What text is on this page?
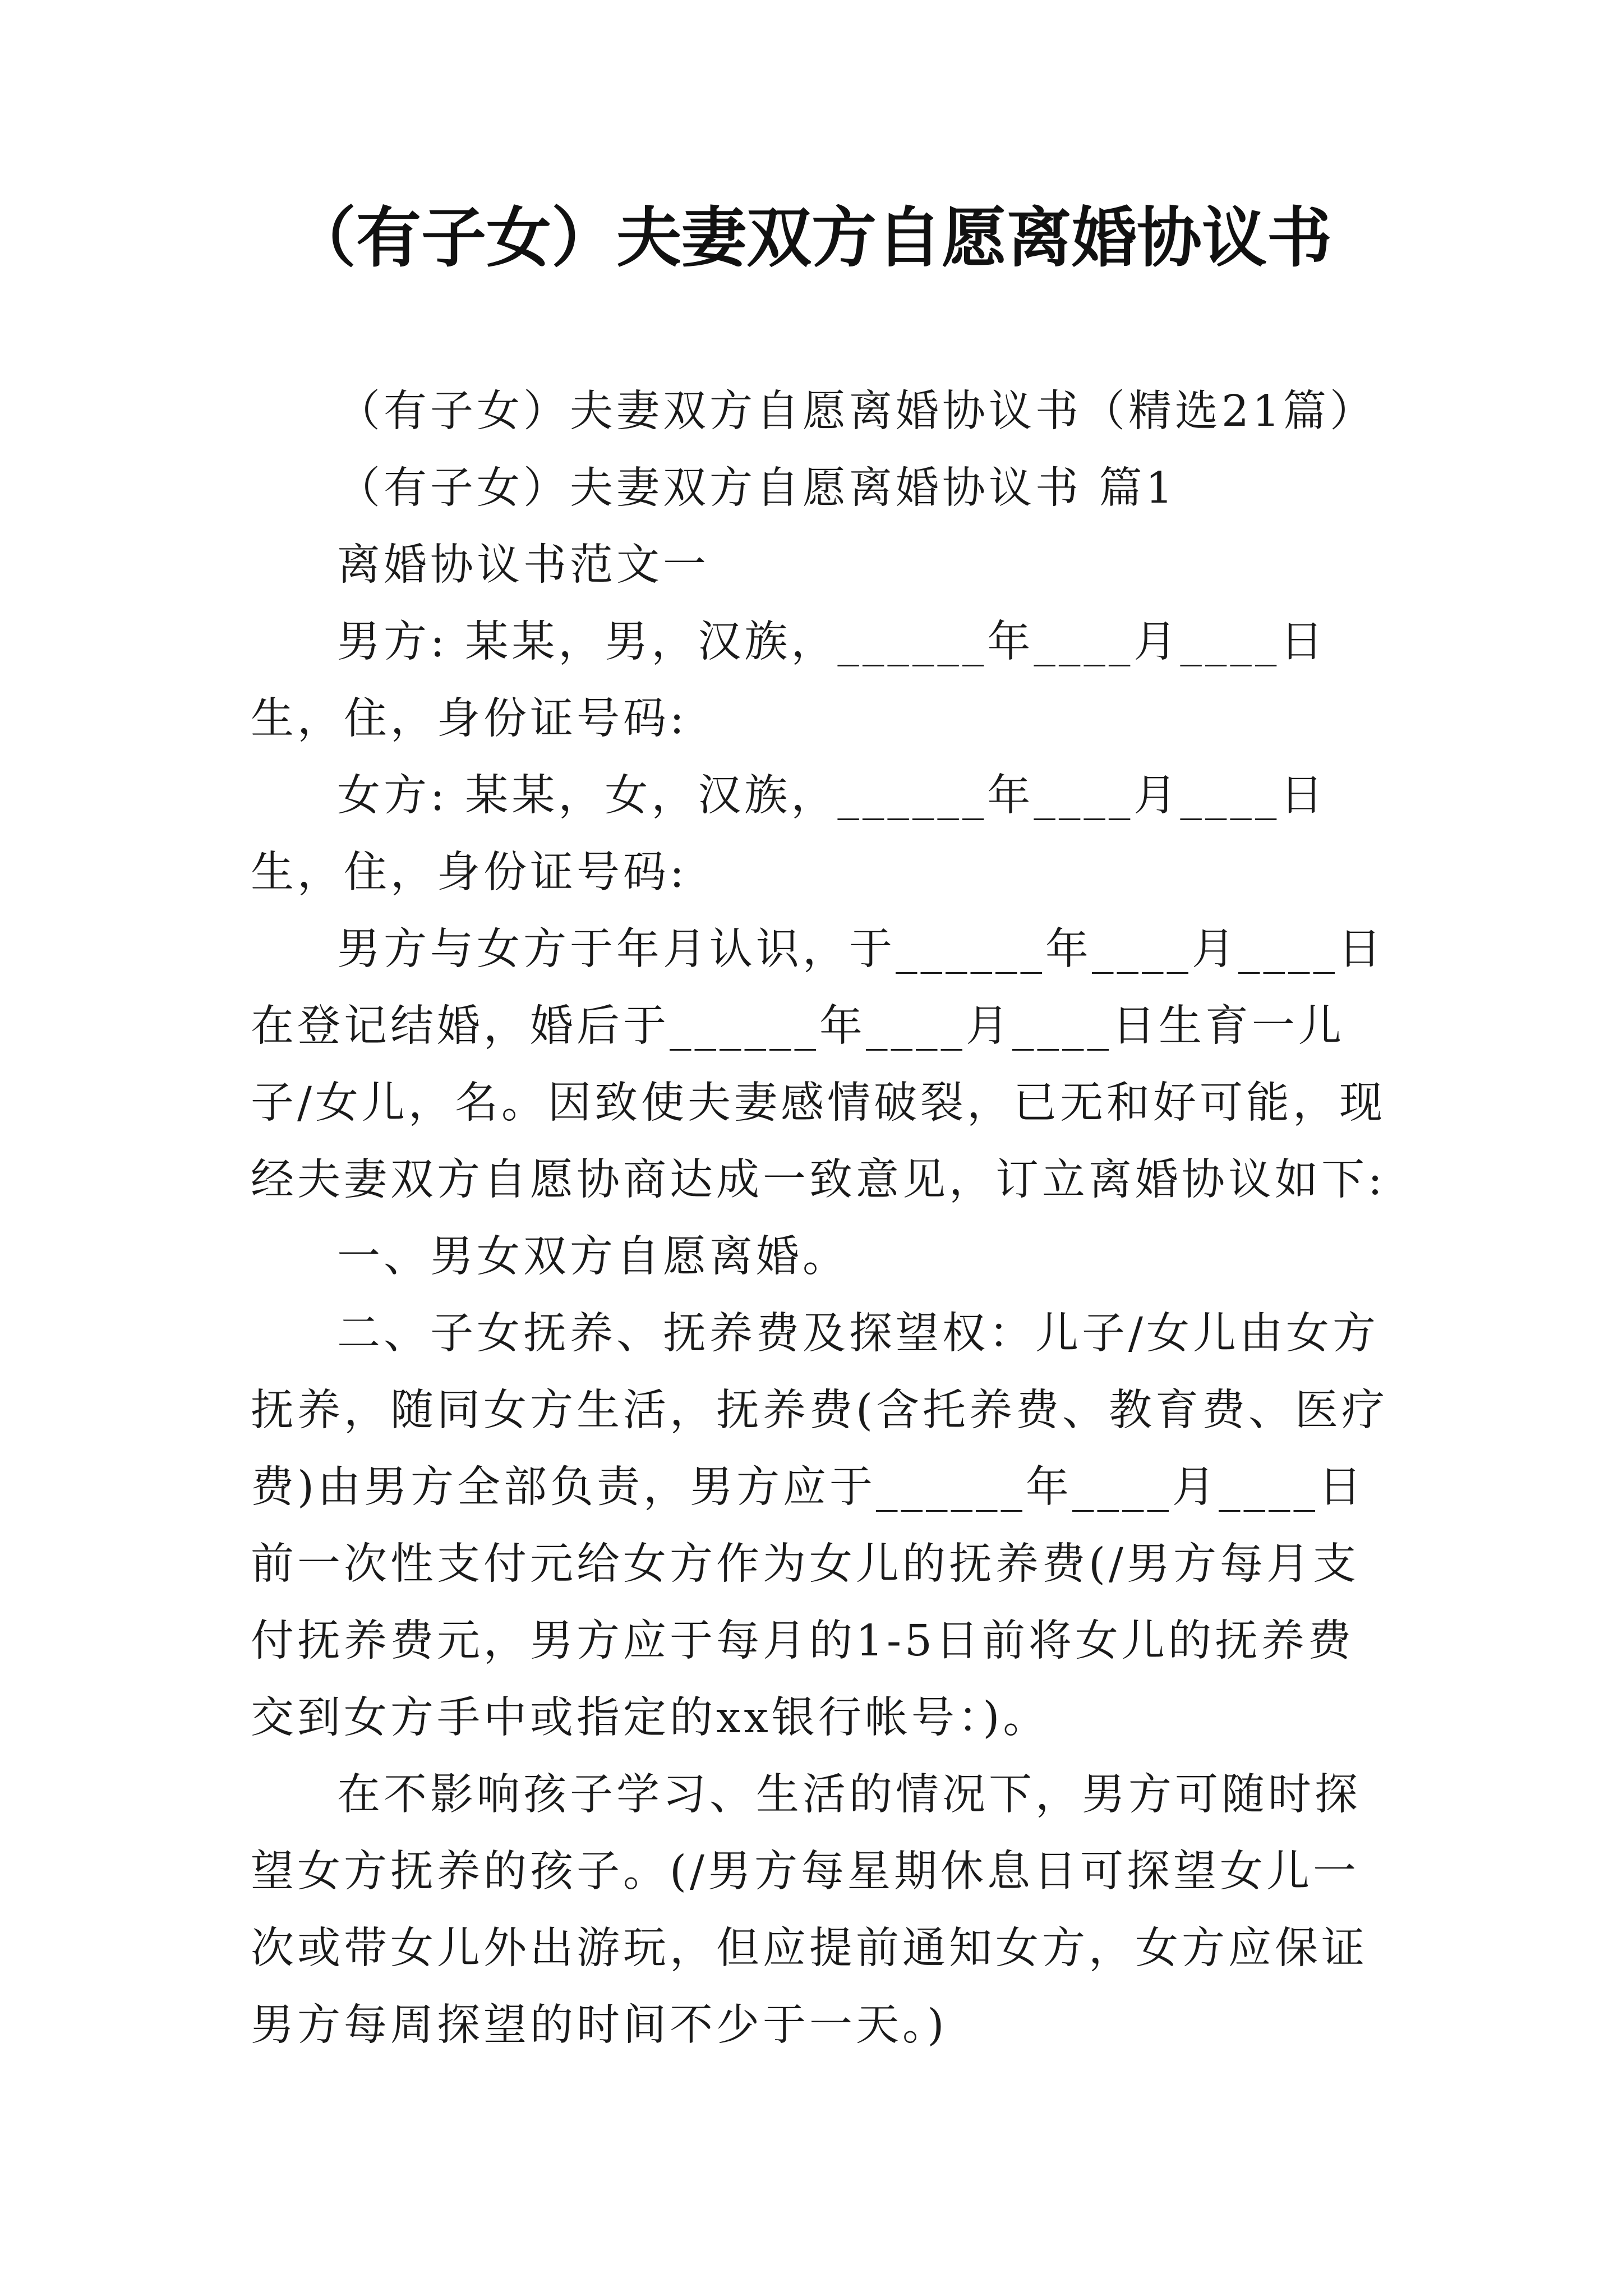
（有子女）夫妻双方自愿离婚协议书

（有子女）夫妻双方自愿离婚协议书（精选21篇）

（有子女）夫妻双方自愿离婚协议书 篇1

离婚协议书范文一

男方: 某某，男，汉族，______年____月____日生，住，身份证号码:

女方: 某某，女，汉族，______年____月____日生，住，身份证号码:

男方与女方于年月认识，于______年____月____日在登记结婚，婚后于______年____月____日生育一儿子/女儿，名。因致使夫妻感情破裂，已无和好可能，现经夫妻双方自愿协商达成一致意见，订立离婚协议如下:

一、男女双方自愿离婚。

二、子女抚养、抚养费及探望权：儿子/女儿由女方抚养，随同女方生活，抚养费(含托养费、教育费、医疗费)由男方全部负责，男方应于______年____月____日前一次性支付元给女方作为女儿的抚养费(/男方每月支付抚养费元，男方应于每月的1-5日前将女儿的抚养费交到女方手中或指定的xx银行帐号：)。

在不影响孩子学习、生活的情况下，男方可随时探望女方抚养的孩子。(/男方每星期休息日可探望女儿一次或带女儿外出游玩，但应提前通知女方，女方应保证男方每周探望的时间不少于一天。)
